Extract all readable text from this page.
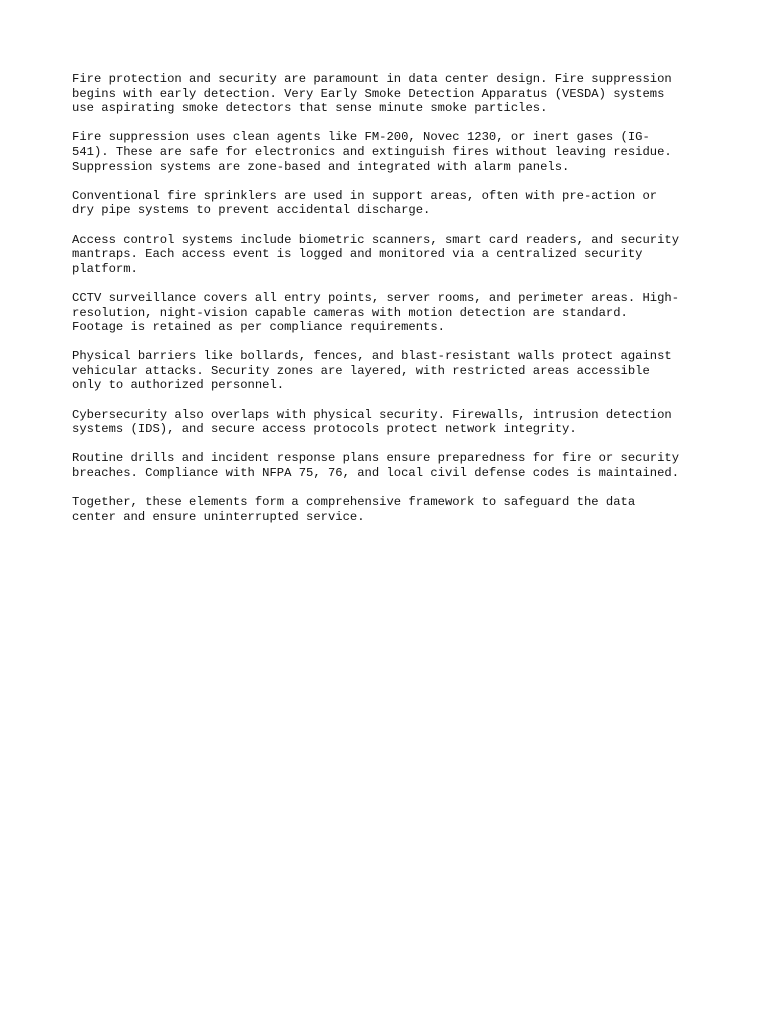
Fire protection and security are paramount in data center design. Fire suppression
begins with early detection. Very Early Smoke Detection Apparatus (VESDA) systems
use aspirating smoke detectors that sense minute smoke particles.

Fire suppression uses clean agents like FM-200, Novec 1230, or inert gases (IG-
541). These are safe for electronics and extinguish fires without leaving residue.
Suppression systems are zone-based and integrated with alarm panels.

Conventional fire sprinklers are used in support areas, often with pre-action or
dry pipe systems to prevent accidental discharge.

Access control systems include biometric scanners, smart card readers, and security
mantraps. Each access event is logged and monitored via a centralized security
platform.

CCTV surveillance covers all entry points, server rooms, and perimeter areas. High-
resolution, night-vision capable cameras with motion detection are standard.
Footage is retained as per compliance requirements.

Physical barriers like bollards, fences, and blast-resistant walls protect against
vehicular attacks. Security zones are layered, with restricted areas accessible
only to authorized personnel.

Cybersecurity also overlaps with physical security. Firewalls, intrusion detection
systems (IDS), and secure access protocols protect network integrity.

Routine drills and incident response plans ensure preparedness for fire or security
breaches. Compliance with NFPA 75, 76, and local civil defense codes is maintained.

Together, these elements form a comprehensive framework to safeguard the data
center and ensure uninterrupted service.
